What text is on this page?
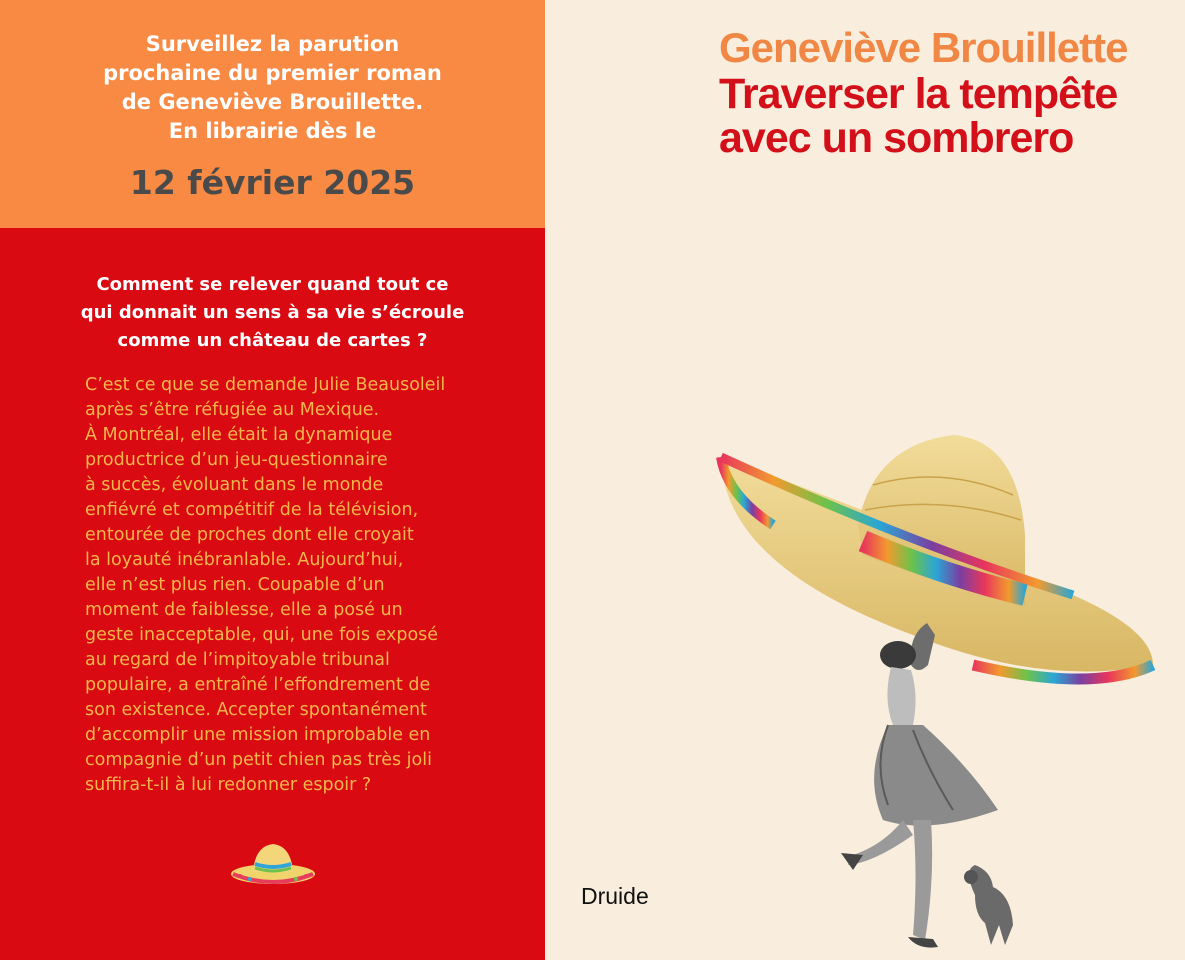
Surveillez la parution
prochaine du premier roman
de Geneviève Brouillette.
En librairie dès le
12 février 2025
Comment se relever quand tout ce
qui donnait un sens à sa vie s’écroule
comme un château de cartes ?
C’est ce que se demande Julie Beausoleil
après s’être réfugiée au Mexique.
À Montréal, elle était la dynamique
productrice d’un jeu-questionnaire
à succès, évoluant dans le monde
enfiévré et compétitif de la télévision,
entourée de proches dont elle croyait
la loyauté inébranlable. Aujourd’hui,
elle n’est plus rien. Coupable d’un
moment de faiblesse, elle a posé un
geste inacceptable, qui, une fois exposé
au regard de l’impitoyable tribunal
populaire, a entraîné l’effondrement de
son existence. Accepter spontanément
d’accomplir une mission improbable en
compagnie d’un petit chien pas très joli
suffira-t-il à lui redonner espoir ?
Geneviève Brouillette
Traverser la tempête
avec un sombrero
Druide
